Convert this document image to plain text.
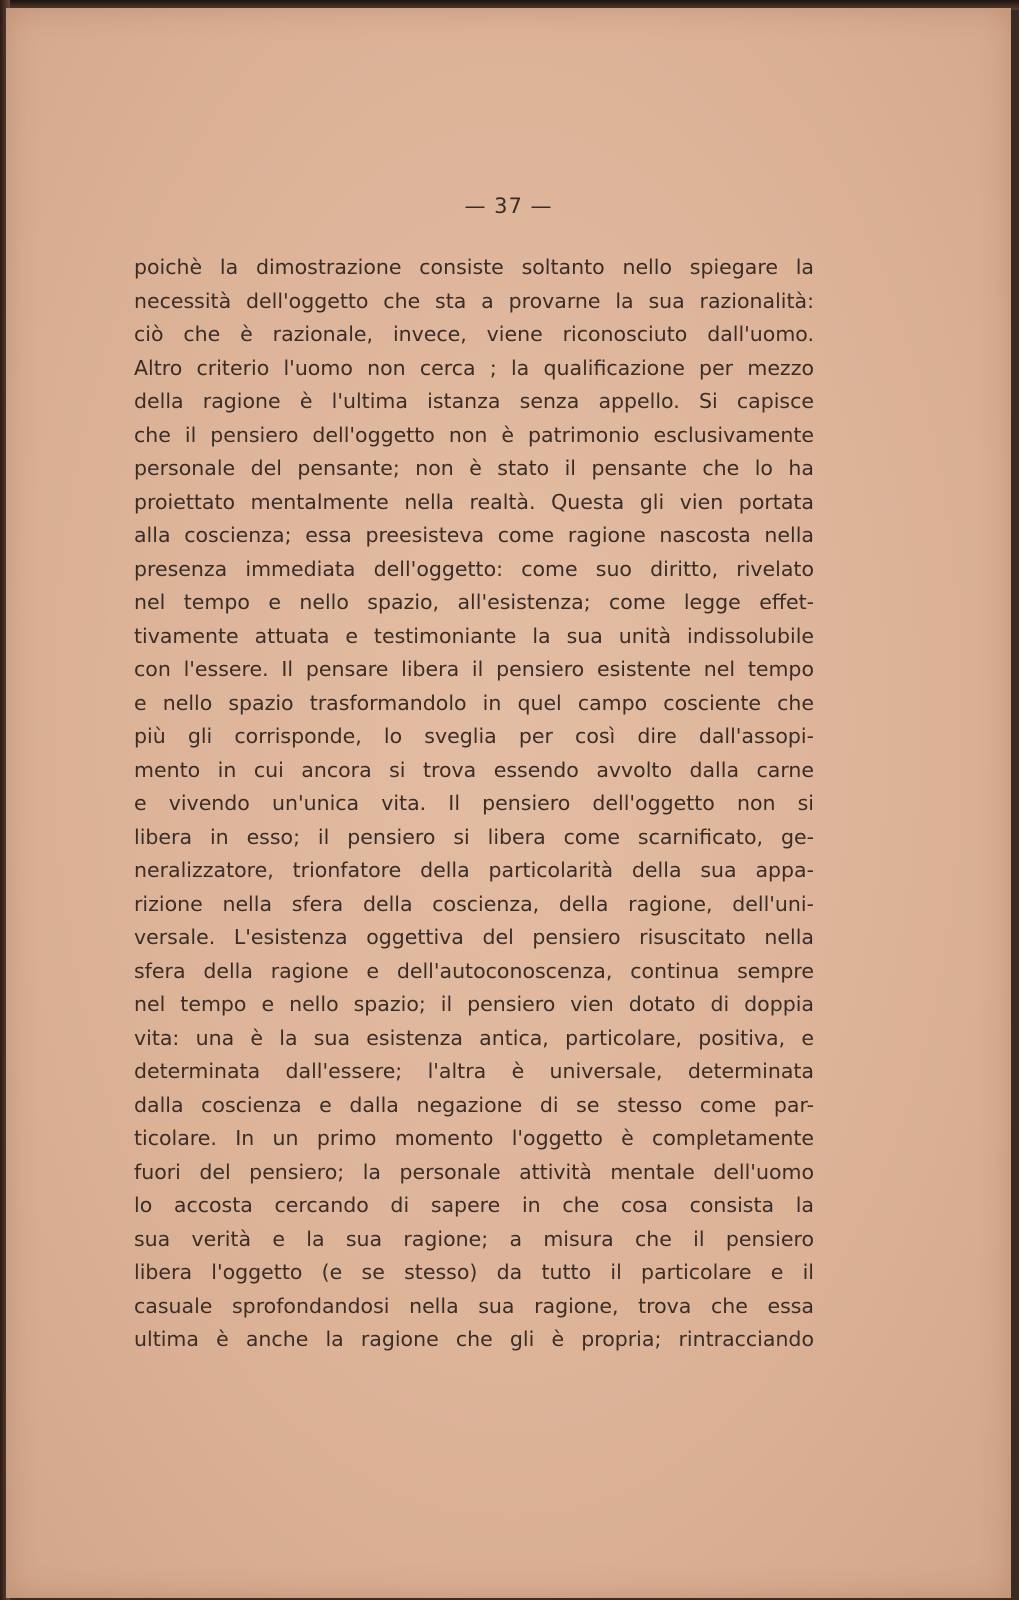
— 37 —
poichè la dimostrazione consiste soltanto nello spiegare la
necessità dell'oggetto che sta a provarne la sua razionalità:
ciò che è razionale, invece, viene riconosciuto dall'uomo.
Altro criterio l'uomo non cerca ; la qualificazione per mezzo
della ragione è l'ultima istanza senza appello. Si capisce
che il pensiero dell'oggetto non è patrimonio esclusivamente
personale del pensante; non è stato il pensante che lo ha
proiettato mentalmente nella realtà. Questa gli vien portata
alla coscienza; essa preesisteva come ragione nascosta nella
presenza immediata dell'oggetto: come suo diritto, rivelato
nel tempo e nello spazio, all'esistenza; come legge effet-
tivamente attuata e testimoniante la sua unità indissolubile
con l'essere. Il pensare libera il pensiero esistente nel tempo
e nello spazio trasformandolo in quel campo cosciente che
più gli corrisponde, lo sveglia per così dire dall'assopi-
mento in cui ancora si trova essendo avvolto dalla carne
e vivendo un'unica vita. Il pensiero dell'oggetto non si
libera in esso; il pensiero si libera come scarnificato, ge-
neralizzatore, trionfatore della particolarità della sua appa-
rizione nella sfera della coscienza, della ragione, dell'uni-
versale. L'esistenza oggettiva del pensiero risuscitato nella
sfera della ragione e dell'autoconoscenza, continua sempre
nel tempo e nello spazio; il pensiero vien dotato di doppia
vita: una è la sua esistenza antica, particolare, positiva, e
determinata dall'essere; l'altra è universale, determinata
dalla coscienza e dalla negazione di se stesso come par-
ticolare. In un primo momento l'oggetto è completamente
fuori del pensiero; la personale attività mentale dell'uomo
lo accosta cercando di sapere in che cosa consista la
sua verità e la sua ragione; a misura che il pensiero
libera l'oggetto (e se stesso) da tutto il particolare e il
casuale sprofondandosi nella sua ragione, trova che essa
ultima è anche la ragione che gli è propria; rintracciando
